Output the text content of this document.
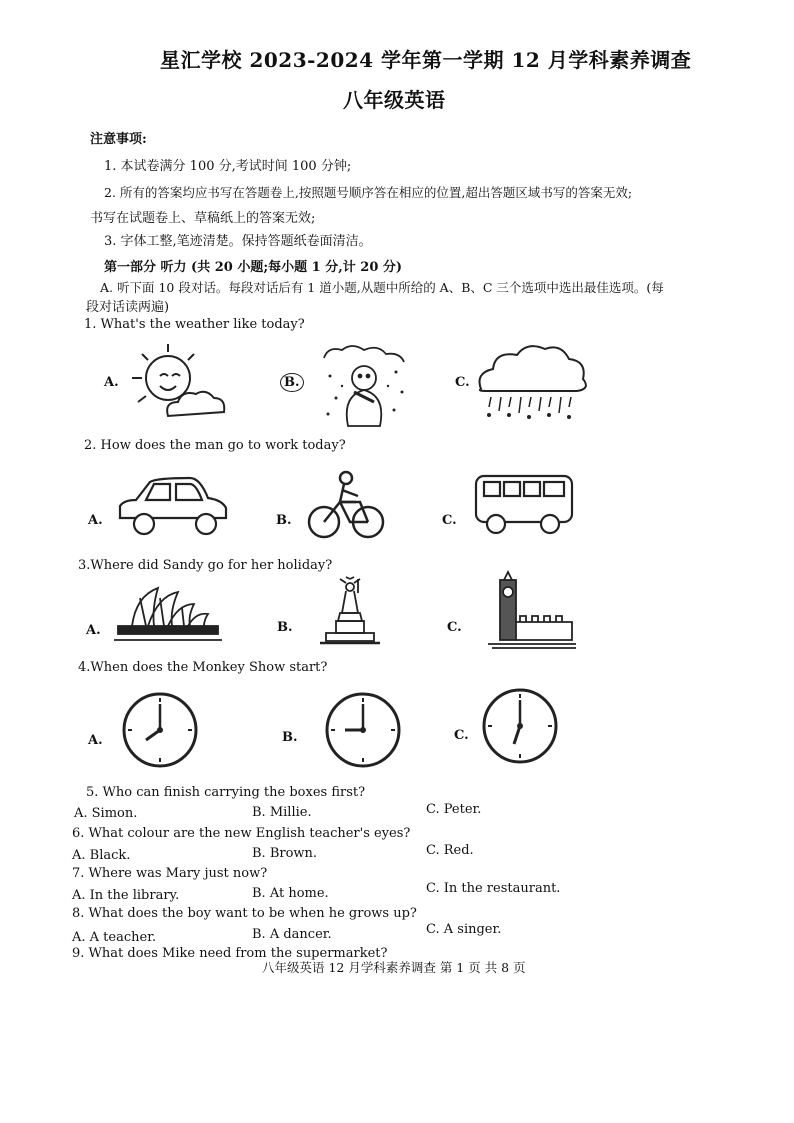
星汇学校 2023-2024 学年第一学期 12 月学科素养调查
八年级英语
注意事项:
1. 本试卷满分 100 分,考试时间 100 分钟;
2. 所有的答案均应书写在答题卷上,按照题号顺序答在相应的位置,超出答题区域书写的答案无效;
书写在试题卷上、草稿纸上的答案无效;
3. 字体工整,笔迹清楚。保持答题纸卷面清洁。
第一部分 听力 (共 20 小题;每小题 1 分,计 20 分)
A. 听下面 10 段对话。每段对话后有 1 道小题,从题中所给的 A、B、C 三个选项中选出最佳选项。(每
段对话读两遍)
1. What's the weather like today?
A.	B.	C.
2. How does the man go to work today?
A.	B.	C.
3.Where did Sandy go for her holiday?
A.	B.	C.
4.When does the Monkey Show start?
A.	B.	C.
5. Who can finish carrying the boxes first?
A. Simon.	B. Millie.	C. Peter.
6. What colour are the new English teacher's eyes?
A. Black.	B. Brown.	C. Red.
7. Where was Mary just now?
A. In the library.	B. At home.	C. In the restaurant.
8. What does the boy want to be when he grows up?
A. A teacher.	B. A dancer.	C. A singer.
9. What does Mike need from the supermarket?
八年级英语 12 月学科素养调查 第 1 页 共 8 页
